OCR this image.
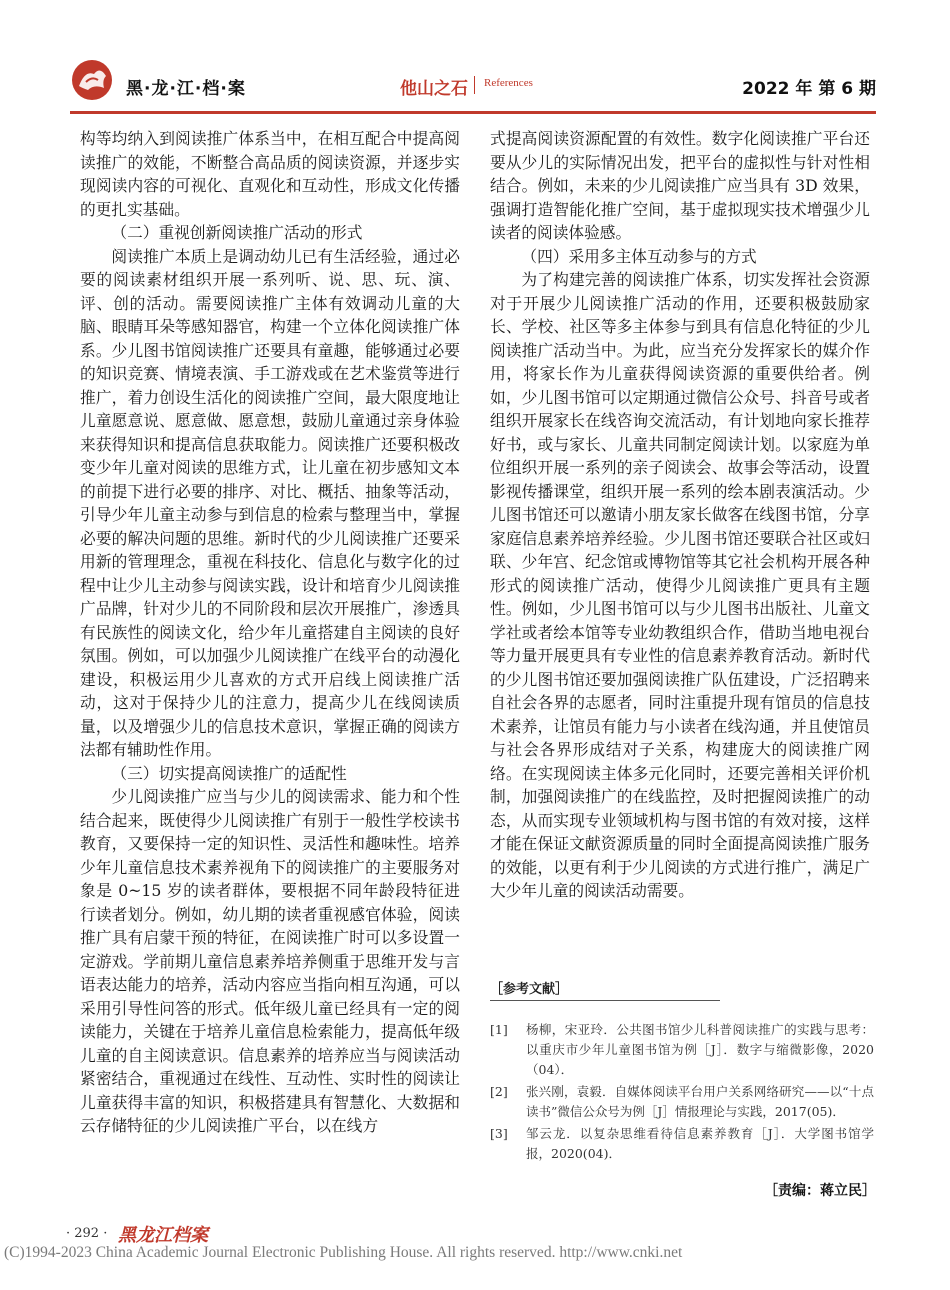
黑·龙·江·档·案	他山之石 References	2022 年 第 6 期

构等均纳入到阅读推广体系当中，在相互配合中提高阅读推广的效能，不断整合高品质的阅读资源，并逐步实现阅读内容的可视化、直观化和互动性，形成文化传播的更扎实基础。

（二）重视创新阅读推广活动的形式

阅读推广本质上是调动幼儿已有生活经验，通过必要的阅读素材组织开展一系列听、说、思、玩、演、评、创的活动。需要阅读推广主体有效调动儿童的大脑、眼睛耳朵等感知器官，构建一个立体化阅读推广体系。少儿图书馆阅读推广还要具有童趣，能够通过必要的知识竞赛、情境表演、手工游戏或在艺术鉴赏等进行推广，着力创设生活化的阅读推广空间，最大限度地让儿童愿意说、愿意做、愿意想，鼓励儿童通过亲身体验来获得知识和提高信息获取能力。阅读推广还要积极改变少年儿童对阅读的思维方式，让儿童在初步感知文本的前提下进行必要的排序、对比、概括、抽象等活动，引导少年儿童主动参与到信息的检索与整理当中，掌握必要的解决问题的思维。新时代的少儿阅读推广还要采用新的管理理念，重视在科技化、信息化与数字化的过程中让少儿主动参与阅读实践，设计和培育少儿阅读推广品牌，针对少儿的不同阶段和层次开展推广，渗透具有民族性的阅读文化，给少年儿童搭建自主阅读的良好氛围。例如，可以加强少儿阅读推广在线平台的动漫化建设，积极运用少儿喜欢的方式开启线上阅读推广活动，这对于保持少儿的注意力，提高少儿在线阅读质量，以及增强少儿的信息技术意识，掌握正确的阅读方法都有辅助性作用。

（三）切实提高阅读推广的适配性

少儿阅读推广应当与少儿的阅读需求、能力和个性结合起来，既使得少儿阅读推广有别于一般性学校读书教育，又要保持一定的知识性、灵活性和趣味性。培养少年儿童信息技术素养视角下的阅读推广的主要服务对象是 0~15 岁的读者群体，要根据不同年龄段特征进行读者划分。例如，幼儿期的读者重视感官体验，阅读推广具有启蒙干预的特征，在阅读推广时可以多设置一定游戏。学前期儿童信息素养培养侧重于思维开发与言语表达能力的培养，活动内容应当指向相互沟通，可以采用引导性问答的形式。低年级儿童已经具有一定的阅读能力，关键在于培养儿童信息检索能力，提高低年级儿童的自主阅读意识。信息素养的培养应当与阅读活动紧密结合，重视通过在线性、互动性、实时性的阅读让儿童获得丰富的知识，积极搭建具有智慧化、大数据和云存储特征的少儿阅读推广平台，以在线方

式提高阅读资源配置的有效性。数字化阅读推广平台还要从少儿的实际情况出发，把平台的虚拟性与针对性相结合。例如，未来的少儿阅读推广应当具有 3D 效果，强调打造智能化推广空间，基于虚拟现实技术增强少儿读者的阅读体验感。

（四）采用多主体互动参与的方式

为了构建完善的阅读推广体系，切实发挥社会资源对于开展少儿阅读推广活动的作用，还要积极鼓励家长、学校、社区等多主体参与到具有信息化特征的少儿阅读推广活动当中。为此，应当充分发挥家长的媒介作用，将家长作为儿童获得阅读资源的重要供给者。例如，少儿图书馆可以定期通过微信公众号、抖音号或者组织开展家长在线咨询交流活动，有计划地向家长推荐好书，或与家长、儿童共同制定阅读计划。以家庭为单位组织开展一系列的亲子阅读会、故事会等活动，设置影视传播课堂，组织开展一系列的绘本剧表演活动。少儿图书馆还可以邀请小朋友家长做客在线图书馆，分享家庭信息素养培养经验。少儿图书馆还要联合社区或妇联、少年宫、纪念馆或博物馆等其它社会机构开展各种形式的阅读推广活动，使得少儿阅读推广更具有主题性。例如，少儿图书馆可以与少儿图书出版社、儿童文学社或者绘本馆等专业幼教组织合作，借助当地电视台等力量开展更具有专业性的信息素养教育活动。新时代的少儿图书馆还要加强阅读推广队伍建设，广泛招聘来自社会各界的志愿者，同时注重提升现有馆员的信息技术素养，让馆员有能力与小读者在线沟通，并且使馆员与社会各界形成结对子关系，构建庞大的阅读推广网络。在实现阅读主体多元化同时，还要完善相关评价机制，加强阅读推广的在线监控，及时把握阅读推广的动态，从而实现专业领域机构与图书馆的有效对接，这样才能在保证文献资源质量的同时全面提高阅读推广服务的效能，以更有利于少儿阅读的方式进行推广，满足广大少年儿童的阅读活动需要。

［参考文献］
[1] 杨柳，宋亚玲．公共图书馆少儿科普阅读推广的实践与思考：以重庆市少年儿童图书馆为例［J］．数字与缩微影像，2020（04）．
[2] 张兴刚，袁毅．自媒体阅读平台用户关系网络研究——以“十点读书”微信公众号为例［J］情报理论与实践，2017(05)．
[3] 邹云龙．以复杂思维看待信息素养教育［J］．大学图书馆学报，2020(04)．
［责编：蒋立民］
· 292 · 黑龙江档案
(C)1994-2023 China Academic Journal Electronic Publishing House. All rights reserved. http://www.cnki.net
